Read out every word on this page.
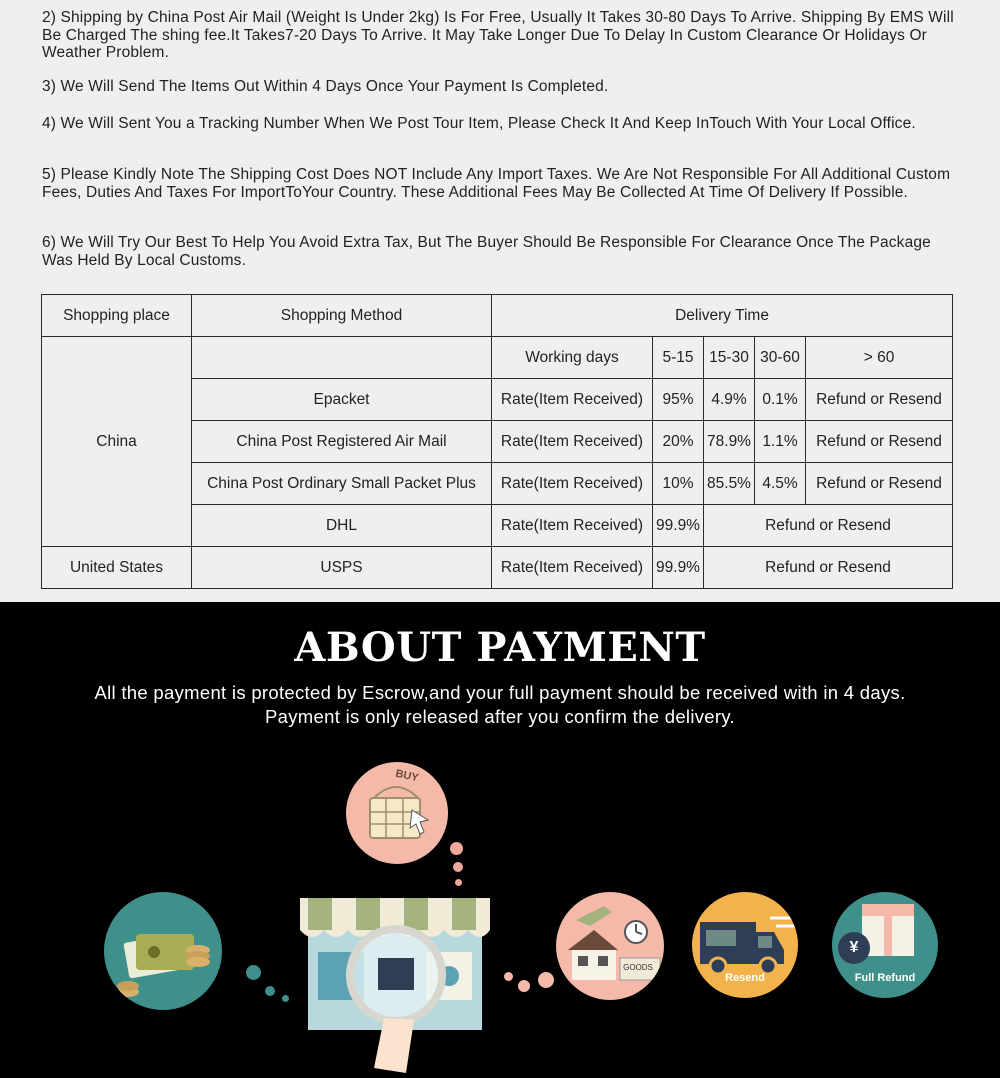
2) Shipping by China Post Air Mail (Weight Is Under 2kg) Is For Free, Usually It Takes 30-80 Days To Arrive. Shipping By EMS Will Be Charged The shing fee.It Takes7-20 Days To Arrive. It May Take Longer Due To Delay In Custom Clearance Or Holidays Or Weather Problem.
3) We Will Send The Items Out Within 4 Days Once Your Payment Is Completed.
4) We Will Sent You a Tracking Number When We Post Tour Item, Please Check It And Keep InTouch With Your Local Office.
5) Please Kindly Note The Shipping Cost Does NOT Include Any Import Taxes. We Are Not Responsible For All Additional Custom Fees, Duties And Taxes For ImportToYour Country. These Additional Fees May Be Collected At Time Of Delivery If Possible.
6) We Will Try Our Best To Help You Avoid Extra Tax, But The Buyer Should Be Responsible For Clearance Once The Package Was Held By Local Customs.
Shopping place	Shopping Method	Delivery Time				
China		Working days	5-15	15-30	30-60	> 60
	Epacket	Rate(Item Received)	95%	4.9%	0.1%	Refund or Resend
	China Post Registered Air Mail	Rate(Item Received)	20%	78.9%	1.1%	Refund or Resend
	China Post Ordinary Small Packet Plus	Rate(Item Received)	10%	85.5%	4.5%	Refund or Resend
	DHL	Rate(Item Received)	99.9%	Refund or Resend		
United States	USPS	Rate(Item Received)	99.9%	Refund or Resend		
ABOUT PAYMENT
All the payment is protected by Escrow,and your full payment should be received with in 4 days.
Payment is only released after you confirm the delivery.
BUY
GOODS
Resend
¥
Full Refund
